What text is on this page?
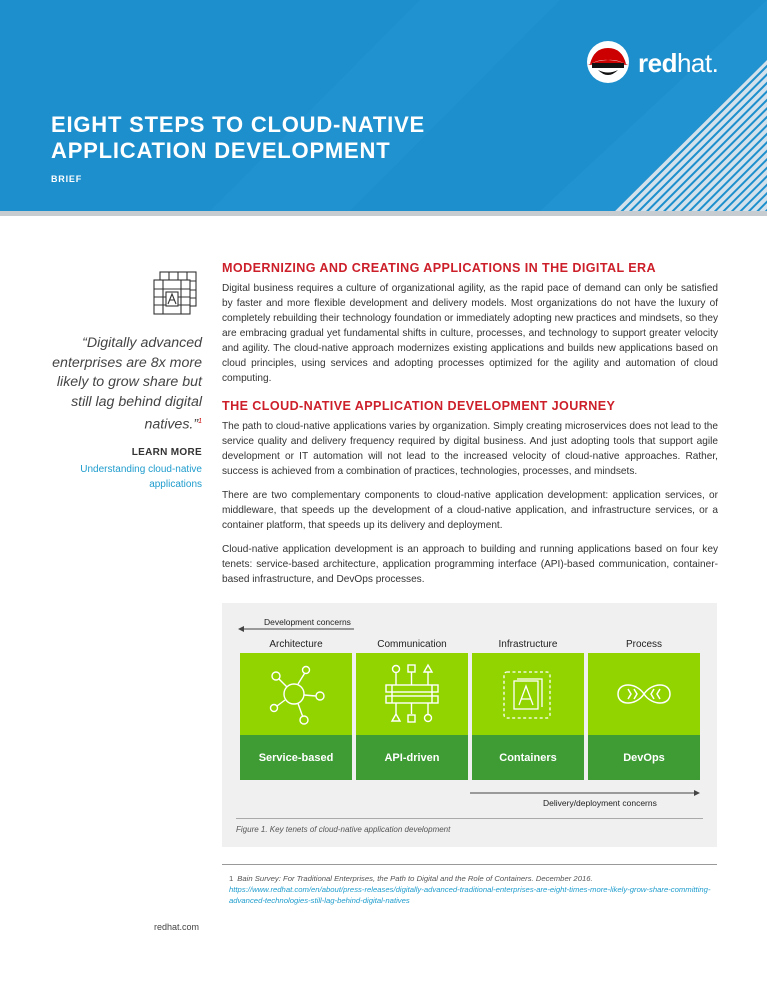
redhat.
EIGHT STEPS TO CLOUD-NATIVE
APPLICATION DEVELOPMENT
BRIEF
“Digitally advanced enterprises are 8x more likely to grow share but still lag behind digital natives.”$^1$
LEARN MORE
Understanding cloud-native applications
redhat.com
MODERNIZING AND CREATING APPLICATIONS IN THE DIGITAL ERA

Digital business requires a culture of organizational agility, as the rapid pace of demand can only be satisfied by faster and more flexible development and delivery models. Most organizations do not have the luxury of completely rebuilding their technology foundation or immediately adopting new practices and mindsets, so they are embracing gradual yet fundamental shifts in culture, processes, and technology to support greater velocity and agility. The cloud-native approach modernizes existing applications and builds new applications based on cloud principles, using services and adopting processes optimized for the agility and automation of cloud computing.

THE CLOUD-NATIVE APPLICATION DEVELOPMENT JOURNEY

The path to cloud-native applications varies by organization. Simply creating microservices does not lead to the service quality and delivery frequency required by digital business. And just adopting tools that support agile development or IT automation will not lead to the increased velocity of cloud-native approaches. Rather, success is achieved from a combination of practices, technologies, processes, and mindsets.

There are two complementary components to cloud-native application development: application services, or middleware, that speeds up the development of a cloud-native application, and infrastructure services, or a container platform, that speeds up its delivery and deployment.

Cloud-native application development is an approach to building and running applications based on four key tenets: service-based architecture, application programming interface (API)-based communication, container-based infrastructure, and DevOps processes.

Development concerns
Architecture	Communication	Infrastructure	Process
Service-based	API-driven	Containers	DevOps
Delivery/deployment concerns
Figure 1. Key tenets of cloud-native application development
1 Bain Survey: For Traditional Enterprises, the Path to Digital and the Role of Containers. December 2016.
https://www.redhat.com/en/about/press-releases/digitally-advanced-traditional-enterprises-are-eight-times-more-likely-grow-share-committing-advanced-technologies-still-lag-behind-digital-natives
